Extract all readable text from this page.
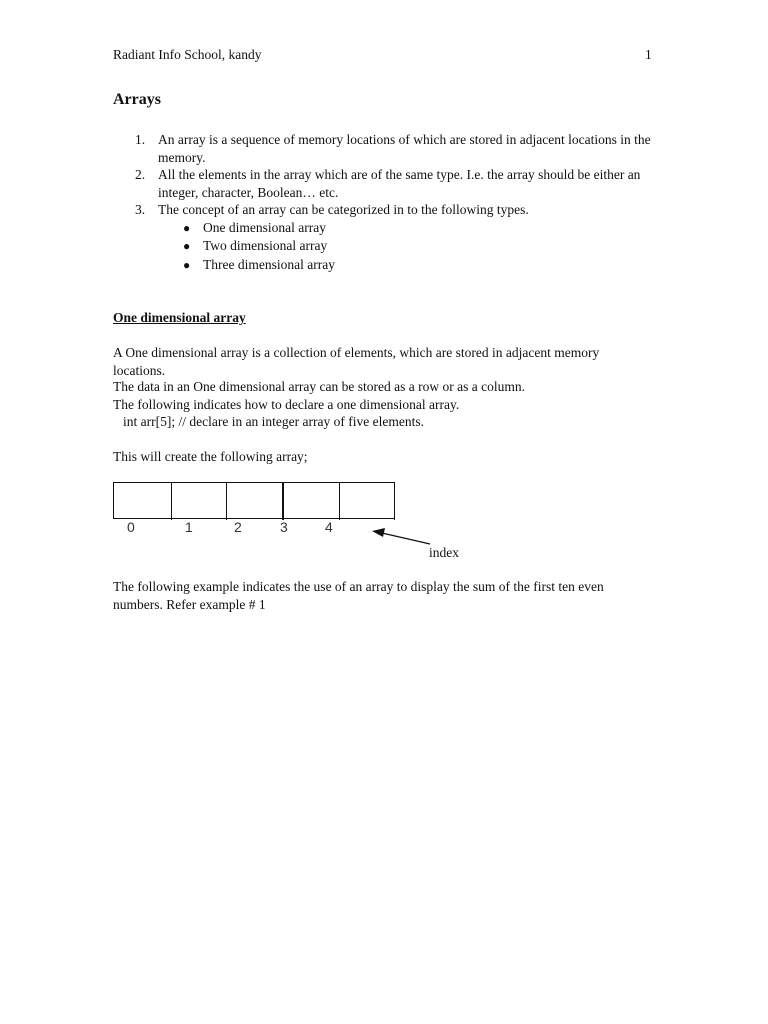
Radiant Info School, kandy	1
Arrays
1. An array is a sequence of memory locations of which are stored in adjacent locations in the memory.
2. All the elements in the array which are of the same type. I.e. the array should be either an integer, character, Boolean… etc.
3. The concept of an array can be categorized in to the following types.
● One dimensional array
● Two dimensional array
● Three dimensional array
One dimensional array
A One dimensional array is a collection of elements, which are stored in adjacent memory locations.
The data in an One dimensional array can be stored as a row or as a column.
The following indicates how to declare a one dimensional array.
int arr[5]; // declare in an integer array of five elements.
This will create the following array;
0	1	2	3	4
index
The following example indicates the use of an array to display the sum of the first ten even numbers. Refer example # 1
